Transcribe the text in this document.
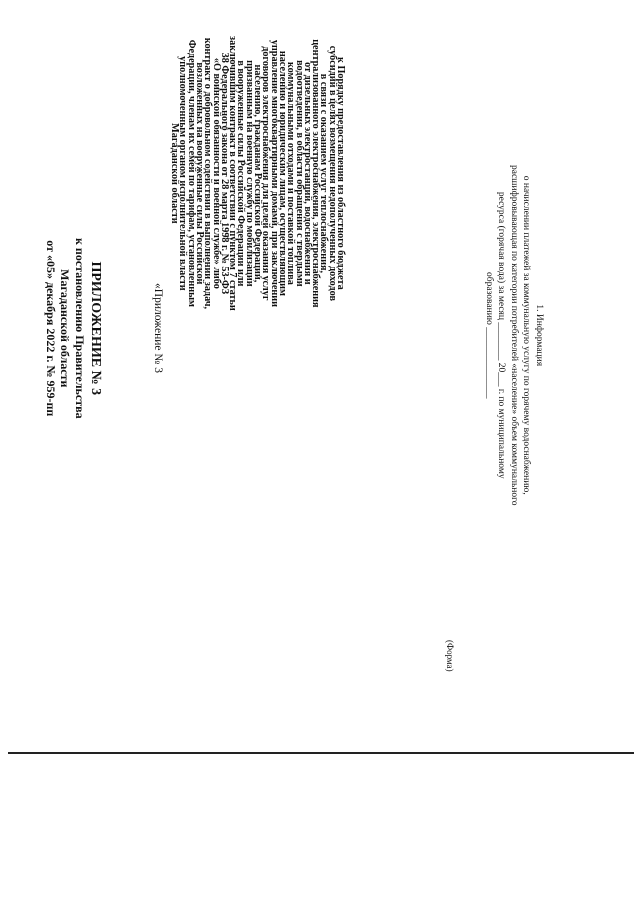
ПРИЛОЖЕНИЕ № 3
к постановлению Правительства
Магаданской области
от «05» декабря 2022 г. № 959-пп	«Приложение № 3
к Порядку предоставления из областного бюджета
субсидий в целях возмещения недополученных доходов
в связи с оказанием услуг теплоснабжения,
централизованного электроснабжения, электроснабжения
от дизельных электростанций, водоснабжения и
водоотведения, в области обращения с твердыми
коммунальными отходами и поставкой топлива
населению и юридическим лицам, осуществляющим
управление многоквартирными домами, при заключении
договоров электроснабжения для целей оказания услуг
населению, гражданам Российской Федерации,
призванным на военную службу по мобилизации
в вооруженные силы Российской Федерации или
заключившим контракт в соответствии с пунктом 7 статьи
38 Федерального закона от 28 марта 1998 г. № 53-ФЗ
«О воинской обязанности и военной службе» либо
контракт о добровольном содействии в выполнении задач,
возложенных на вооруженные силы Российской
Федерации, членам их семей по тарифам, установленным
уполномоченным органом исполнительной власти
Магаданской области
(Форма)
1. Информация
о начислении платежей за коммунальную услугу по горячему водоснабжению,
расшифровывающая по категории потребителей «население» объем коммунального
ресурса (горячая вода) за месяц ________ 20___ г. по муниципальному
образованию _______________
